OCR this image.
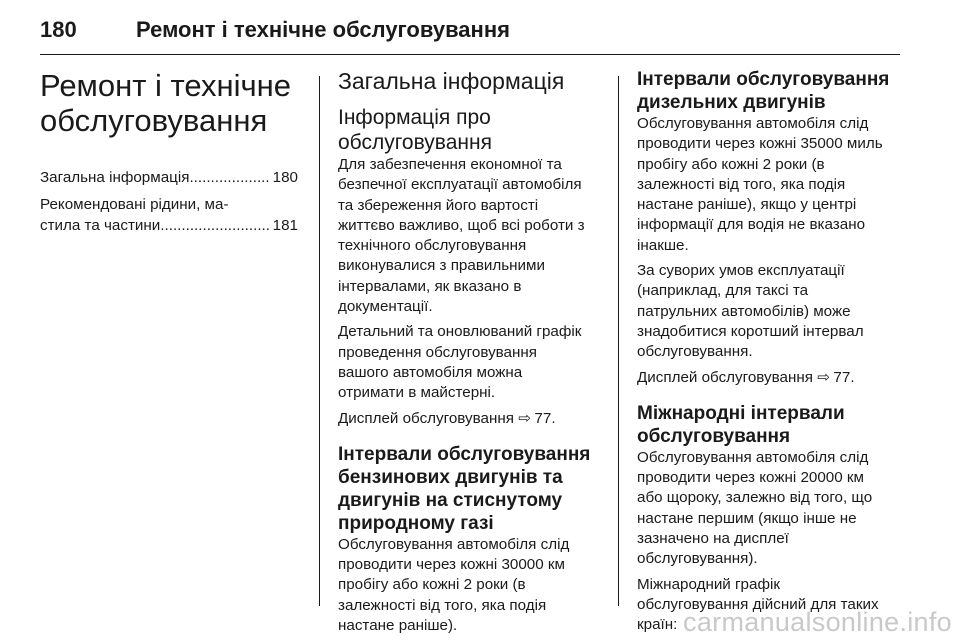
180	Ремонт і технічне обслуговування
Ремонт і технічне
обслуговування
Загальна інформація .....	180
Рекомендовані рідини, ма-
стила та частини .....	181
Загальна інформація
Інформація про
обслуговування

Для забезпечення економної та
безпечної експлуатації автомобіля
та збереження його вартості
життєво важливо, щоб всі роботи з
технічного обслуговування
виконувалися з правильними
інтервалами, як вказано в
документації.

Детальний та оновлюваний графік
проведення обслуговування
вашого автомобіля можна
отримати в майстерні.

Дисплей обслуговування ⇨ 77.

Інтервали обслуговування
бензинових двигунів та
двигунів на стиснутому
природному газі

Обслуговування автомобіля слід
проводити через кожні 30000 км
пробігу або кожні 2 роки (в
залежності від того, яка подія
настане раніше).

Інтервали обслуговування
дизельних двигунів

Обслуговування автомобіля слід
проводити через кожні 35000 миль
пробігу або кожні 2 роки (в
залежності від того, яка подія
настане раніше), якщо у центрі
інформації для водія не вказано
інакше.

За суворих умов експлуатації
(наприклад, для таксі та
патрульних автомобілів) може
знадобитися коротший інтервал
обслуговування.

Дисплей обслуговування ⇨ 77.

Міжнародні інтервали
обслуговування

Обслуговування автомобіля слід
проводити через кожні 20000 км
або щороку, залежно від того, що
настане першим (якщо інше не
зазначено на дисплеї
обслуговування).

Міжнародний графік
обслуговування дійсний для таких
країн: carmanualsonline.info
